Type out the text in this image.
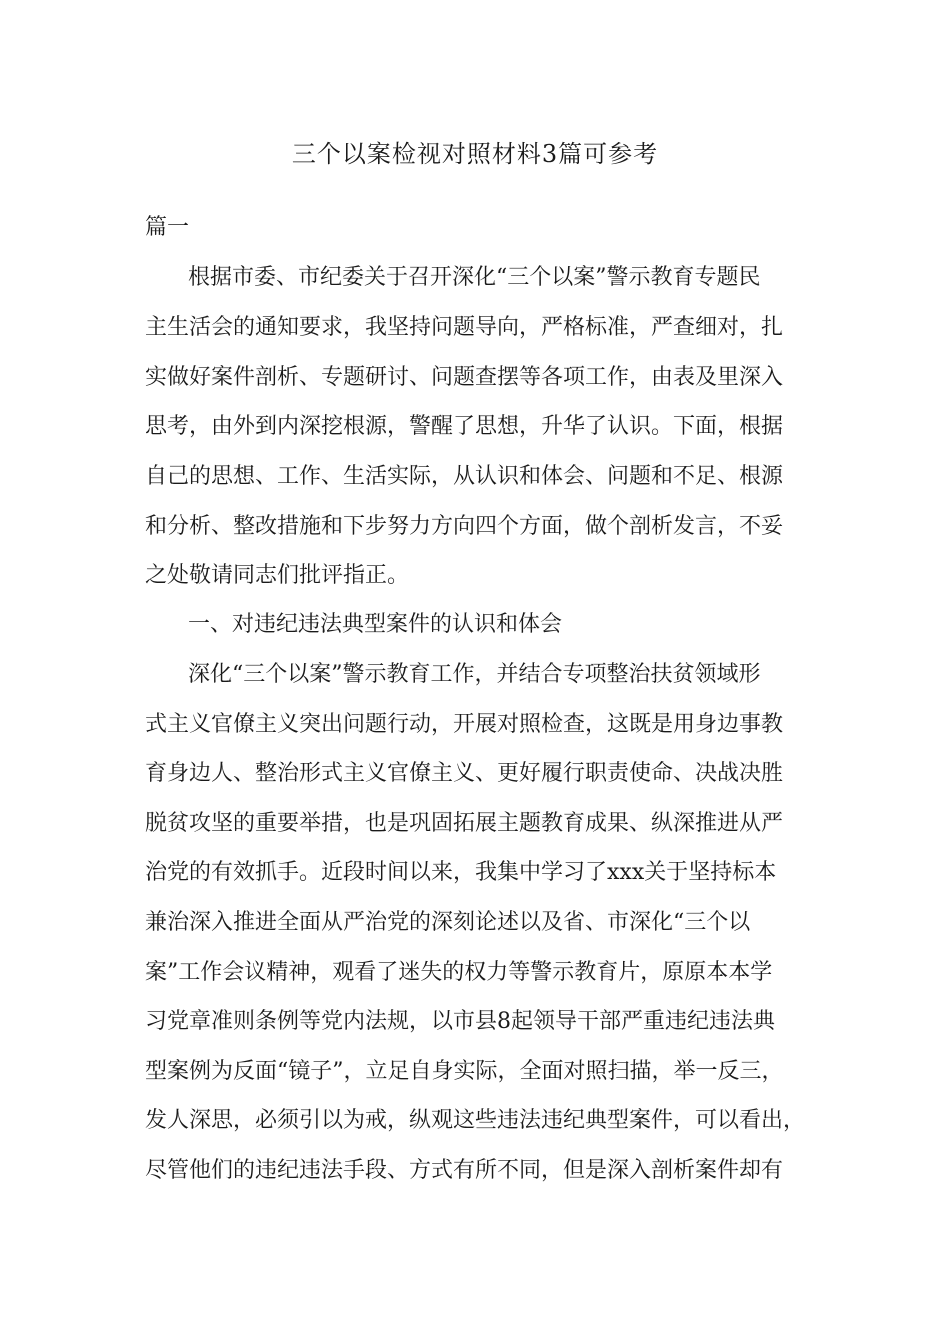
三个以案检视对照材料3篇可参考
篇一
根据市委、市纪委关于召开深化“三个以案”警示教育专题民
主生活会的通知要求，我坚持问题导向，严格标准，严查细对，扎
实做好案件剖析、专题研讨、问题查摆等各项工作，由表及里深入
思考，由外到内深挖根源，警醒了思想，升华了认识。下面，根据
自己的思想、工作、生活实际，从认识和体会、问题和不足、根源
和分析、整改措施和下步努力方向四个方面，做个剖析发言，不妥
之处敬请同志们批评指正。
一、对违纪违法典型案件的认识和体会
深化“三个以案”警示教育工作，并结合专项整治扶贫领域形
式主义官僚主义突出问题行动，开展对照检查，这既是用身边事教
育身边人、整治形式主义官僚主义、更好履行职责使命、决战决胜
脱贫攻坚的重要举措，也是巩固拓展主题教育成果、纵深推进从严
治党的有效抓手。近段时间以来，我集中学习了xxx关于坚持标本
兼治深入推进全面从严治党的深刻论述以及省、市深化“三个以
案”工作会议精神，观看了迷失的权力等警示教育片，原原本本学
习党章准则条例等党内法规，以市县8起领导干部严重违纪违法典
型案例为反面“镜子”，立足自身实际，全面对照扫描，举一反三，
发人深思，必须引以为戒，纵观这些违法违纪典型案件，可以看出，
尽管他们的违纪违法手段、方式有所不同，但是深入剖析案件却有
